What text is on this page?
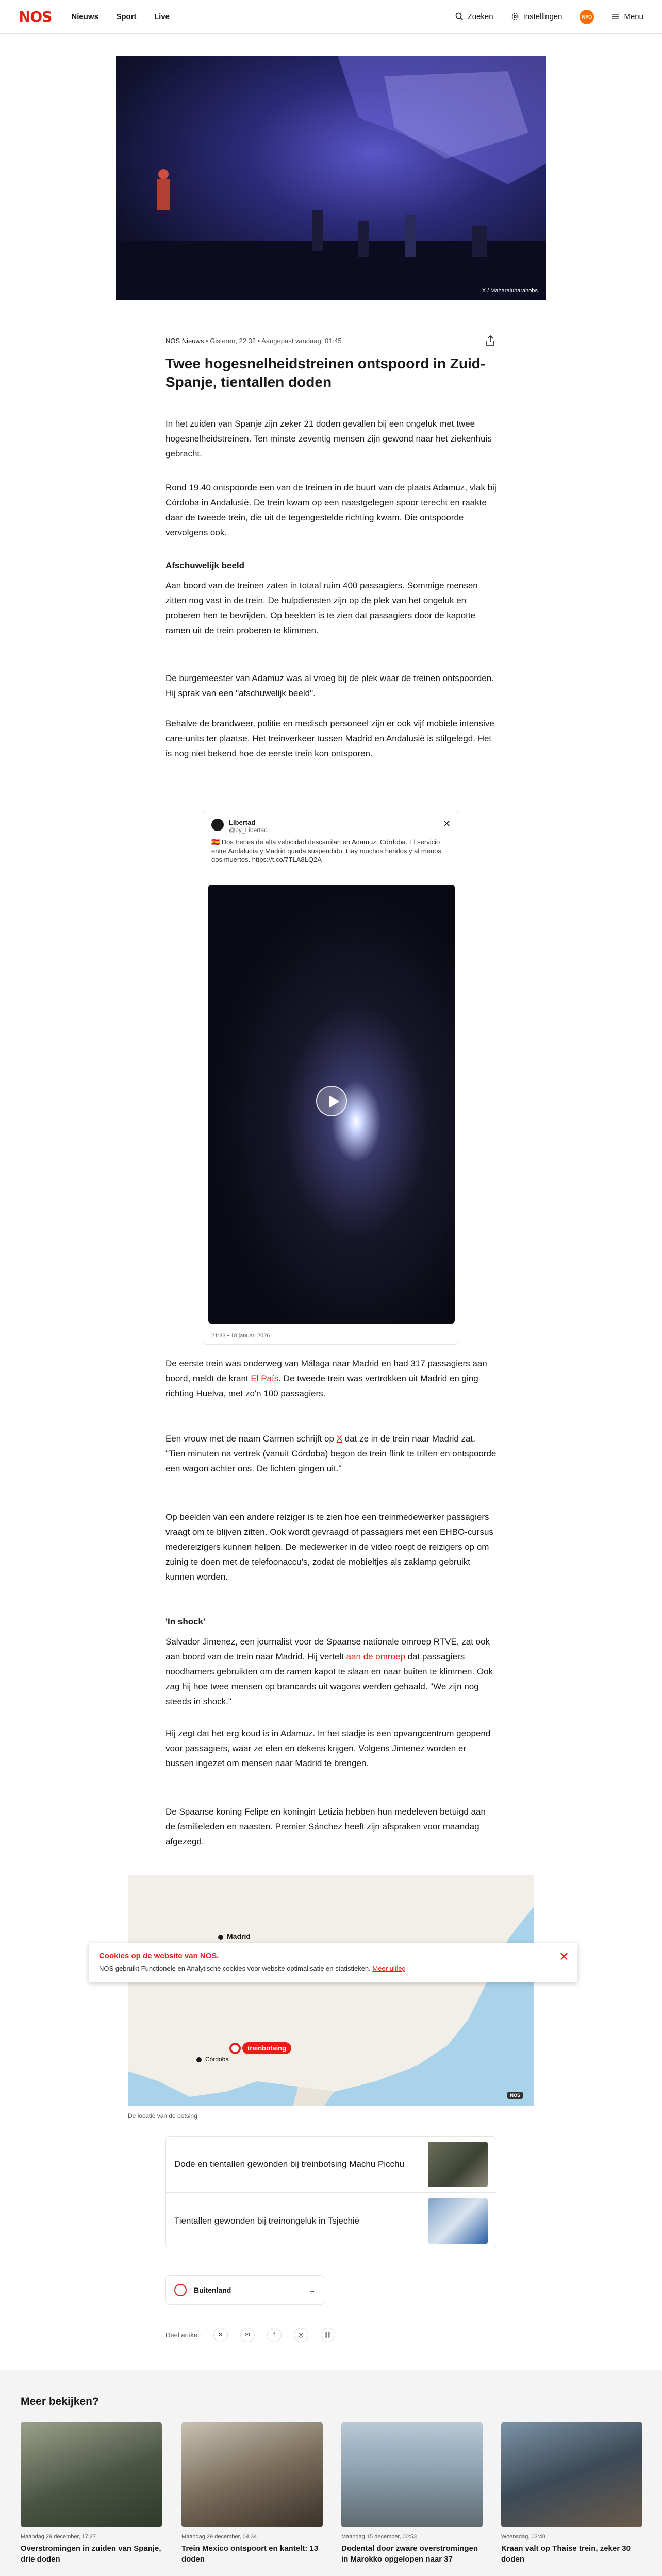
NOS	Nieuws Sport Live	Zoeken	Instellingen	NPO	Menu
X / Maharaiuharahobs
NOS Nieuws • Gisteren, 22:32 • Aangepast vandaag, 01:45
Twee hogesnelheidstreinen ontspoord in Zuid-Spanje, tientallen doden

In het zuiden van Spanje zijn zeker 21 doden gevallen bij een ongeluk met twee hogesnelheidstreinen. Ten minste zeventig mensen zijn gewond naar het ziekenhuis gebracht.

Rond 19.40 ontspoorde een van de treinen in de buurt van de plaats Adamuz, vlak bij Córdoba in Andalusië. De trein kwam op een naastgelegen spoor terecht en raakte daar de tweede trein, die uit de tegengestelde richting kwam. Die ontspoorde vervolgens ook.

Afschuwelijk beeld

Aan boord van de treinen zaten in totaal ruim 400 passagiers. Sommige mensen zitten nog vast in de trein. De hulpdiensten zijn op de plek van het ongeluk en proberen hen te bevrijden. Op beelden is te zien dat passagiers door de kapotte ramen uit de trein proberen te klimmen.

De burgemeester van Adamuz was al vroeg bij de plek waar de treinen ontspoorden. Hij sprak van een "afschuwelijk beeld".

Behalve de brandweer, politie en medisch personeel zijn er ook vijf mobiele intensive care-units ter plaatse. Het treinverkeer tussen Madrid en Andalusië is stilgelegd. Het is nog niet bekend hoe de eerste trein kon ontsporen.

Libertad
@by_Libertad
✕
🇪🇸 Dos trenes de alta velocidad descarrilan en Adamuz, Córdoba. El servicio entre Andalucía y Madrid queda suspendido. Hay muchos heridos y al menos dos muertos. https://t.co/7TLA8LQ2A
21:33 • 18 januari 2026

De eerste trein was onderweg van Málaga naar Madrid en had 317 passagiers aan boord, meldt de krant El País. De tweede trein was vertrokken uit Madrid en ging richting Huelva, met zo'n 100 passagiers.

Een vrouw met de naam Carmen schrijft op X dat ze in de trein naar Madrid zat. "Tien minuten na vertrek (vanuit Córdoba) begon de trein flink te trillen en ontspoorde een wagon achter ons. De lichten gingen uit."

Op beelden van een andere reiziger is te zien hoe een treinmedewerker passagiers vraagt om te blijven zitten. Ook wordt gevraagd of passagiers met een EHBO-cursus medereizigers kunnen helpen. De medewerker in de video roept de reizigers op om zuinig te doen met de telefoonaccu's, zodat de mobieltjes als zaklamp gebruikt kunnen worden.

'In shock'

Salvador Jimenez, een journalist voor de Spaanse nationale omroep RTVE, zat ook aan boord van de trein naar Madrid. Hij vertelt aan de omroep dat passagiers noodhamers gebruikten om de ramen kapot te slaan en naar buiten te klimmen. Ook zag hij hoe twee mensen op brancards uit wagons werden gehaald. "We zijn nog steeds in shock."

Hij zegt dat het erg koud is in Adamuz. In het stadje is een opvangcentrum geopend voor passagiers, waar ze eten en dekens krijgen. Volgens Jimenez worden er bussen ingezet om mensen naar Madrid te brengen.

De Spaanse koning Felipe en koningin Letizia hebben hun medeleven betuigd aan de familieleden en naasten. Premier Sánchez heeft zijn afspraken voor maandag afgezegd.

Madrid
Córdoba
treinbotsing
NOS
Cookies op de website van NOS.
NOS gebruikt Functionele en Analytische cookies voor website optimalisatie en statistieken. Meer uitleg
✕
De locatie van de botsing
Dode en tientallen gewonden bij treinbotsing Machu Picchu
Tientallen gewonden bij treinongeluk in Tsjechië
Buitenland	→
Deel artikel:	✕	✉	f	◎	⛓
Meer bekijken?
Maandag 29 december, 17:27
Overstromingen in zuiden van Spanje, drie doden
Maandag 29 december, 04:34
Trein Mexico ontspoort en kantelt: 13 doden
Maandag 15 december, 00:53
Dodental door zware overstromingen in Marokko opgelopen naar 37
Woensdag, 03:48
Kraan valt op Thaise trein, zeker 30 doden
